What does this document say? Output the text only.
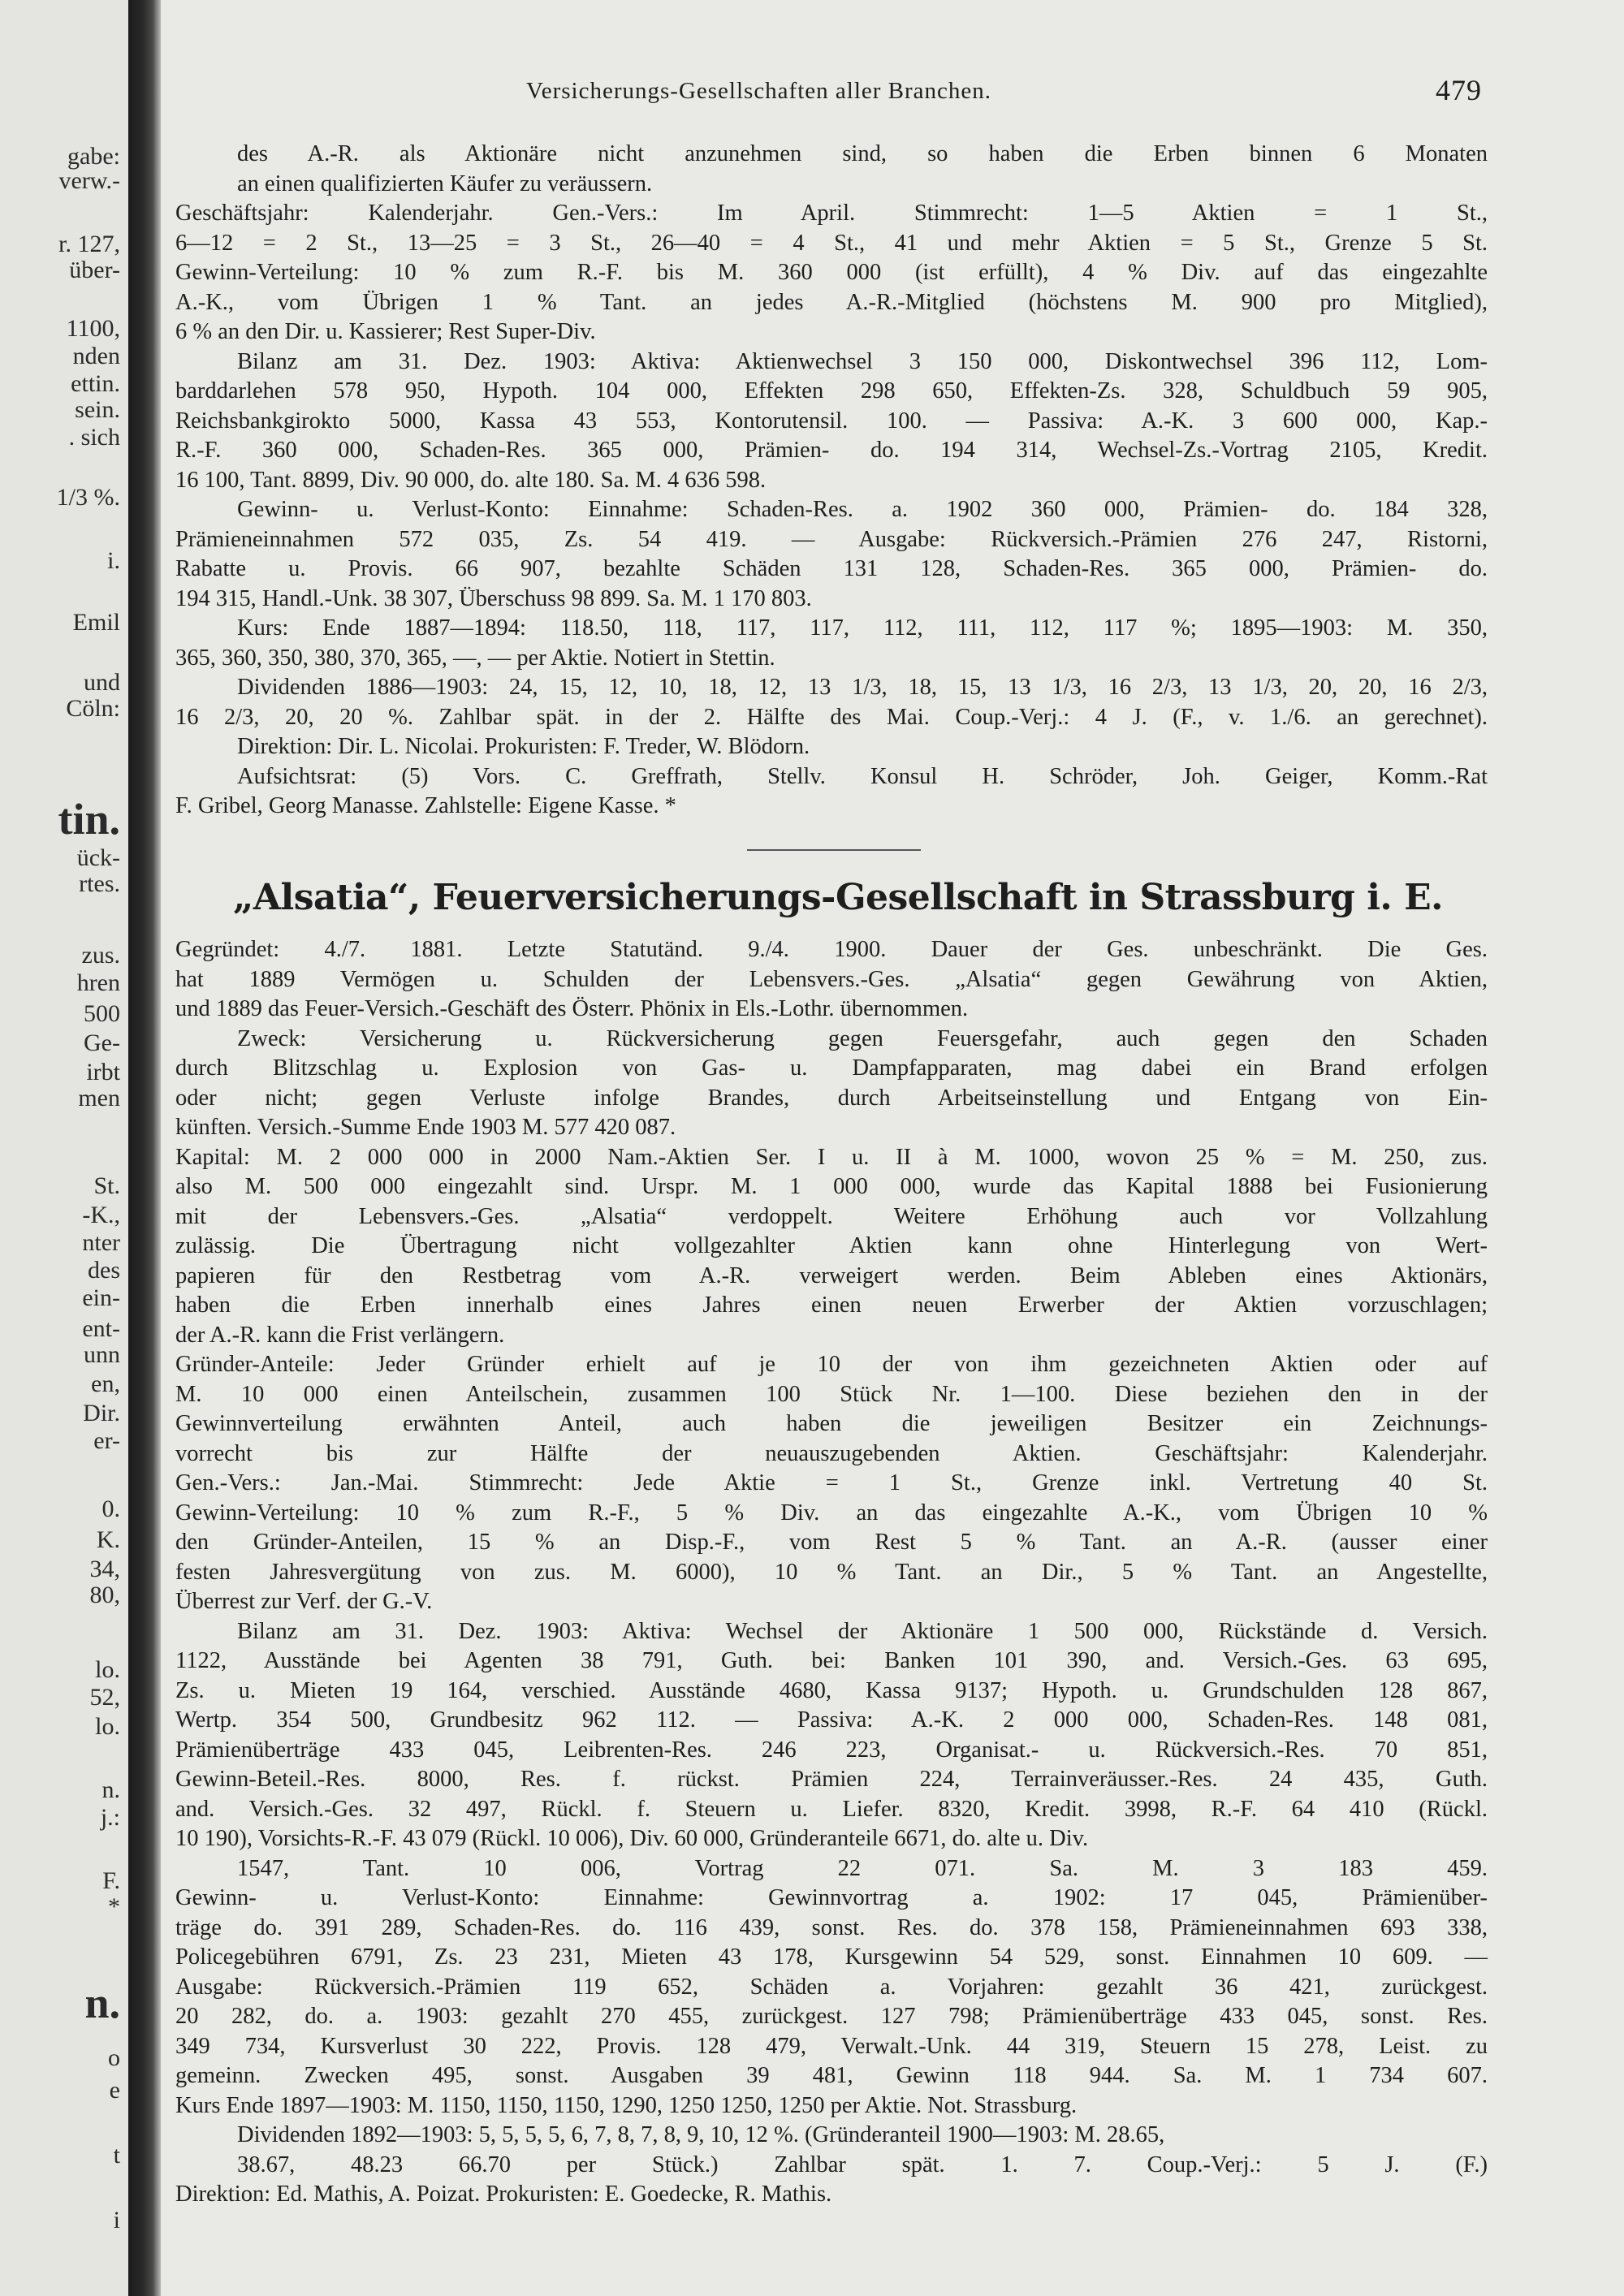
gabe:
verw.-
r. 127,
über-
1100,
nden
ettin.
sein.
. sich
1/3 %.
i.
Emil
und
Cöln:
tin.
ück-
rtes.
zus.
hren
500
Ge-
irbt
men
St.
-K.,
nter
des
ein-
ent-
unn
en,
Dir.
er-
0.
K.
34,
80,
lo.
52,
lo.
n.
j.:
F.
*
n.
o
e
t
i
Versicherungs-Gesellschaften aller Branchen.	479

des A.-R. als Aktionäre nicht anzunehmen sind, so haben die Erben binnen 6 Monaten

an einen qualifizierten Käufer zu veräussern.

Geschäftsjahr: Kalenderjahr. Gen.-Vers.: Im April. Stimmrecht: 1—5 Aktien = 1 St.,

6—12 = 2 St., 13—25 = 3 St., 26—40 = 4 St., 41 und mehr Aktien = 5 St., Grenze 5 St.

Gewinn-Verteilung: 10 % zum R.-F. bis M. 360 000 (ist erfüllt), 4 % Div. auf das eingezahlte

A.-K., vom Übrigen 1 % Tant. an jedes A.-R.-Mitglied (höchstens M. 900 pro Mitglied),

6 % an den Dir. u. Kassierer; Rest Super-Div.

Bilanz am 31. Dez. 1903: Aktiva: Aktienwechsel 3 150 000, Diskontwechsel 396 112, Lom-

barddarlehen 578 950, Hypoth. 104 000, Effekten 298 650, Effekten-Zs. 328, Schuldbuch 59 905,

Reichsbankgirokto 5000, Kassa 43 553, Kontorutensil. 100. — Passiva: A.-K. 3 600 000, Kap.-

R.-F. 360 000, Schaden-Res. 365 000, Prämien- do. 194 314, Wechsel-Zs.-Vortrag 2105, Kredit.

16 100, Tant. 8899, Div. 90 000, do. alte 180. Sa. M. 4 636 598.

Gewinn- u. Verlust-Konto: Einnahme: Schaden-Res. a. 1902 360 000, Prämien- do. 184 328,

Prämieneinnahmen 572 035, Zs. 54 419. — Ausgabe: Rückversich.-Prämien 276 247, Ristorni,

Rabatte u. Provis. 66 907, bezahlte Schäden 131 128, Schaden-Res. 365 000, Prämien- do.

194 315, Handl.-Unk. 38 307, Überschuss 98 899. Sa. M. 1 170 803.

Kurs: Ende 1887—1894: 118.50, 118, 117, 117, 112, 111, 112, 117 %; 1895—1903: M. 350,

365, 360, 350, 380, 370, 365, —, — per Aktie. Notiert in Stettin.

Dividenden 1886—1903: 24, 15, 12, 10, 18, 12, 13 1/3, 18, 15, 13 1/3, 16 2/3, 13 1/3, 20, 20, 16 2/3,

16 2/3, 20, 20 %. Zahlbar spät. in der 2. Hälfte des Mai. Coup.-Verj.: 4 J. (F., v. 1./6. an gerechnet).

Direktion: Dir. L. Nicolai. Prokuristen: F. Treder, W. Blödorn.

Aufsichtsrat: (5) Vors. C. Greffrath, Stellv. Konsul H. Schröder, Joh. Geiger, Komm.-Rat

F. Gribel, Georg Manasse. Zahlstelle: Eigene Kasse. *

„Alsatia“, Feuerversicherungs-Gesellschaft in Strassburg i. E.

Gegründet: 4./7. 1881. Letzte Statutänd. 9./4. 1900. Dauer der Ges. unbeschränkt. Die Ges.

hat 1889 Vermögen u. Schulden der Lebensvers.-Ges. „Alsatia“ gegen Gewährung von Aktien,

und 1889 das Feuer-Versich.-Geschäft des Österr. Phönix in Els.-Lothr. übernommen.

Zweck: Versicherung u. Rückversicherung gegen Feuersgefahr, auch gegen den Schaden

durch Blitzschlag u. Explosion von Gas- u. Dampfapparaten, mag dabei ein Brand erfolgen

oder nicht; gegen Verluste infolge Brandes, durch Arbeitseinstellung und Entgang von Ein-

künften. Versich.-Summe Ende 1903 M. 577 420 087.

Kapital: M. 2 000 000 in 2000 Nam.-Aktien Ser. I u. II à M. 1000, wovon 25 % = M. 250, zus.

also M. 500 000 eingezahlt sind. Urspr. M. 1 000 000, wurde das Kapital 1888 bei Fusionierung

mit der Lebensvers.-Ges. „Alsatia“ verdoppelt. Weitere Erhöhung auch vor Vollzahlung

zulässig. Die Übertragung nicht vollgezahlter Aktien kann ohne Hinterlegung von Wert-

papieren für den Restbetrag vom A.-R. verweigert werden. Beim Ableben eines Aktionärs,

haben die Erben innerhalb eines Jahres einen neuen Erwerber der Aktien vorzuschlagen;

der A.-R. kann die Frist verlängern.

Gründer-Anteile: Jeder Gründer erhielt auf je 10 der von ihm gezeichneten Aktien oder auf

M. 10 000 einen Anteilschein, zusammen 100 Stück Nr. 1—100. Diese beziehen den in der

Gewinnverteilung erwähnten Anteil, auch haben die jeweiligen Besitzer ein Zeichnungs-

vorrecht bis zur Hälfte der neuauszugebenden Aktien. Geschäftsjahr: Kalenderjahr.

Gen.-Vers.: Jan.-Mai. Stimmrecht: Jede Aktie = 1 St., Grenze inkl. Vertretung 40 St.

Gewinn-Verteilung: 10 % zum R.-F., 5 % Div. an das eingezahlte A.-K., vom Übrigen 10 %

den Gründer-Anteilen, 15 % an Disp.-F., vom Rest 5 % Tant. an A.-R. (ausser einer

festen Jahresvergütung von zus. M. 6000), 10 % Tant. an Dir., 5 % Tant. an Angestellte,

Überrest zur Verf. der G.-V.

Bilanz am 31. Dez. 1903: Aktiva: Wechsel der Aktionäre 1 500 000, Rückstände d. Versich.

1122, Ausstände bei Agenten 38 791, Guth. bei: Banken 101 390, and. Versich.-Ges. 63 695,

Zs. u. Mieten 19 164, verschied. Ausstände 4680, Kassa 9137; Hypoth. u. Grundschulden 128 867,

Wertp. 354 500, Grundbesitz 962 112. — Passiva: A.-K. 2 000 000, Schaden-Res. 148 081,

Prämienüberträge 433 045, Leibrenten-Res. 246 223, Organisat.- u. Rückversich.-Res. 70 851,

Gewinn-Beteil.-Res. 8000, Res. f. rückst. Prämien 224, Terrainveräusser.-Res. 24 435, Guth.

and. Versich.-Ges. 32 497, Rückl. f. Steuern u. Liefer. 8320, Kredit. 3998, R.-F. 64 410 (Rückl.

10 190), Vorsichts-R.-F. 43 079 (Rückl. 10 006), Div. 60 000, Gründeranteile 6671, do. alte u. Div.

1547, Tant. 10 006, Vortrag 22 071. Sa. M. 3 183 459.

Gewinn- u. Verlust-Konto: Einnahme: Gewinnvortrag a. 1902: 17 045, Prämienüber-

träge do. 391 289, Schaden-Res. do. 116 439, sonst. Res. do. 378 158, Prämieneinnahmen 693 338,

Policegebühren 6791, Zs. 23 231, Mieten 43 178, Kursgewinn 54 529, sonst. Einnahmen 10 609. —

Ausgabe: Rückversich.-Prämien 119 652, Schäden a. Vorjahren: gezahlt 36 421, zurückgest.

20 282, do. a. 1903: gezahlt 270 455, zurückgest. 127 798; Prämienüberträge 433 045, sonst. Res.

349 734, Kursverlust 30 222, Provis. 128 479, Verwalt.-Unk. 44 319, Steuern 15 278, Leist. zu

gemeinn. Zwecken 495, sonst. Ausgaben 39 481, Gewinn 118 944. Sa. M. 1 734 607.

Kurs Ende 1897—1903: M. 1150, 1150, 1150, 1290, 1250 1250, 1250 per Aktie. Not. Strassburg.

Dividenden 1892—1903: 5, 5, 5, 5, 6, 7, 8, 7, 8, 9, 10, 12 %. (Gründeranteil 1900—1903: M. 28.65,

38.67, 48.23 66.70 per Stück.) Zahlbar spät. 1. 7. Coup.-Verj.: 5 J. (F.)

Direktion: Ed. Mathis, A. Poizat. Prokuristen: E. Goedecke, R. Mathis.
